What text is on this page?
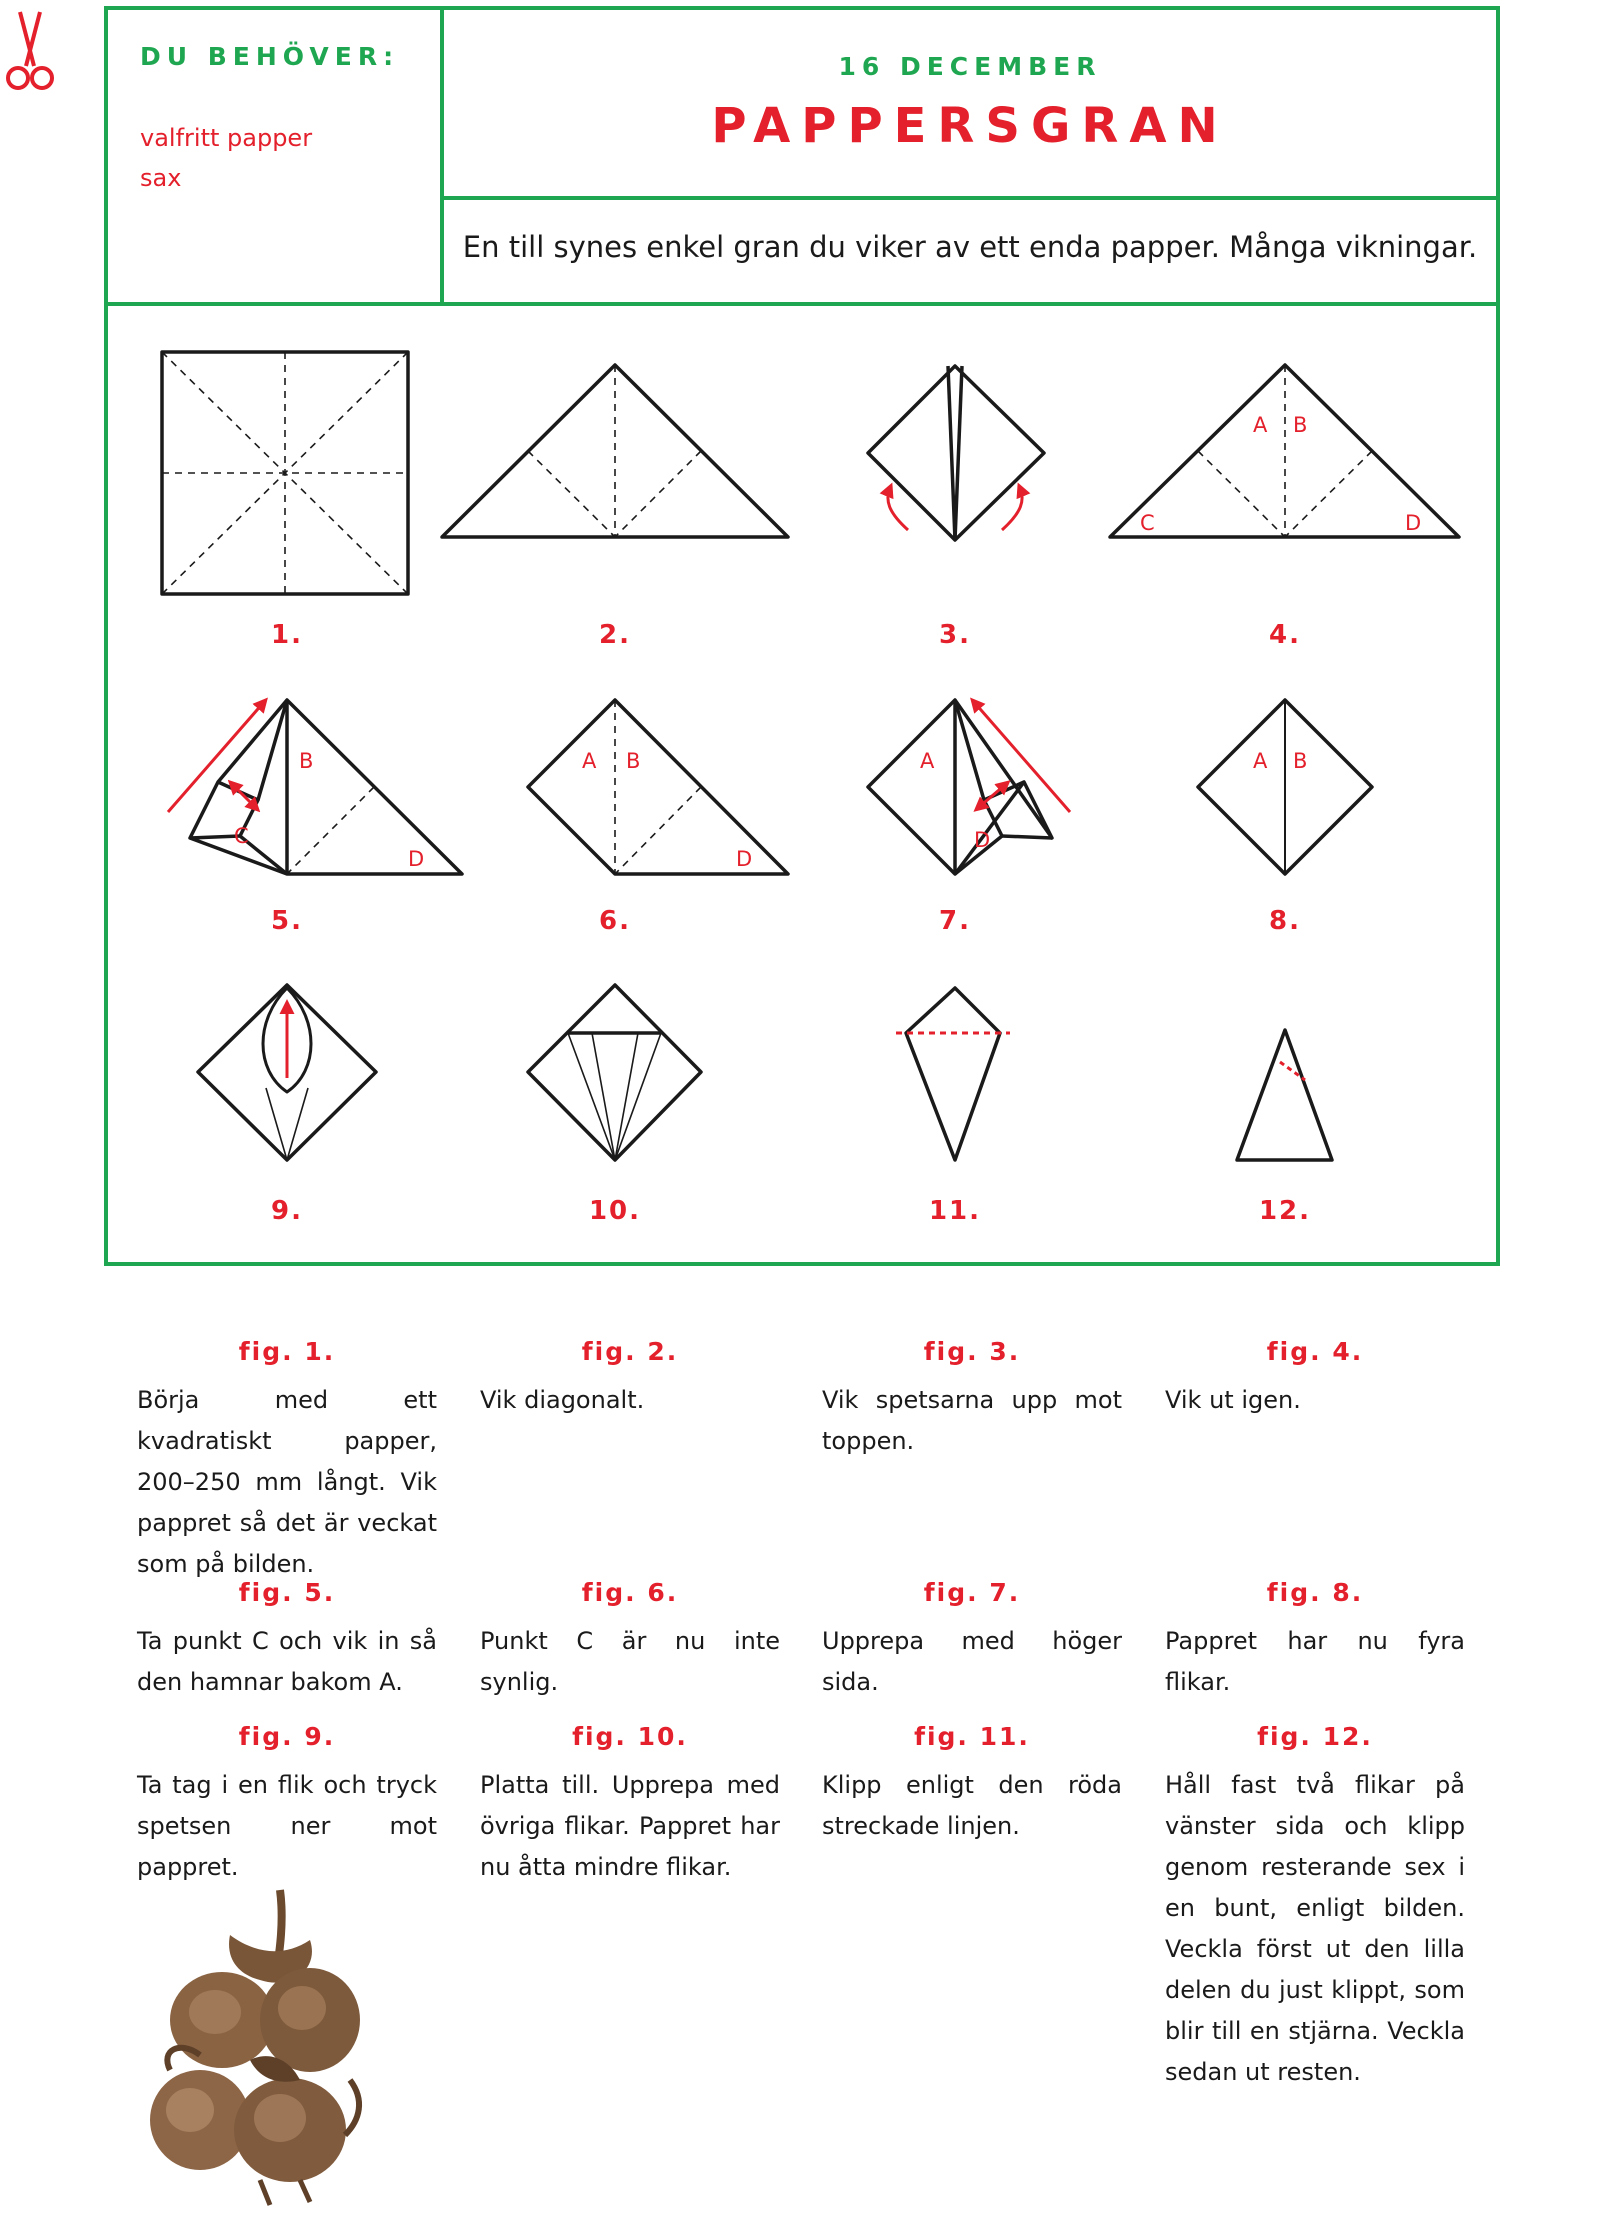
DU BEHÖVER:
valfritt papper
sax
16 DECEMBER
PAPPERSGRAN
En till synes enkel gran du viker av ett enda papper. Många vikningar.
A B
C	D
B
C
D
A B
D
A
D
A B
1.	2.	3.	4.
5.	6.	7.	8.
9.	10.	11.	12.
fig. 1.
Börja med ett kvadratiskt papper, 200–250 mm långt. Vik pappret så det är veckat som på bilden.
fig. 2.
Vik diagonalt.
fig. 3.
Vik spetsarna upp mot toppen.
fig. 4.
Vik ut igen.
fig. 5.
Ta punkt C och vik in så den hamnar bakom A.
fig. 6.
Punkt C är nu inte synlig.
fig. 7.
Upprepa med höger sida.
fig. 8.
Pappret har nu fyra flikar.
fig. 9.
Ta tag i en flik och tryck spetsen ner mot pappret.
fig. 10.
Platta till. Upprepa med övriga flikar. Pappret har nu åtta mindre flikar.
fig. 11.
Klipp enligt den röda streckade linjen.
fig. 12.
Håll fast två flikar på vänster sida och klipp genom resterande sex i en bunt, enligt bilden. Veckla först ut den lilla delen du just klippt, som blir till en stjärna. Veckla sedan ut resten.
